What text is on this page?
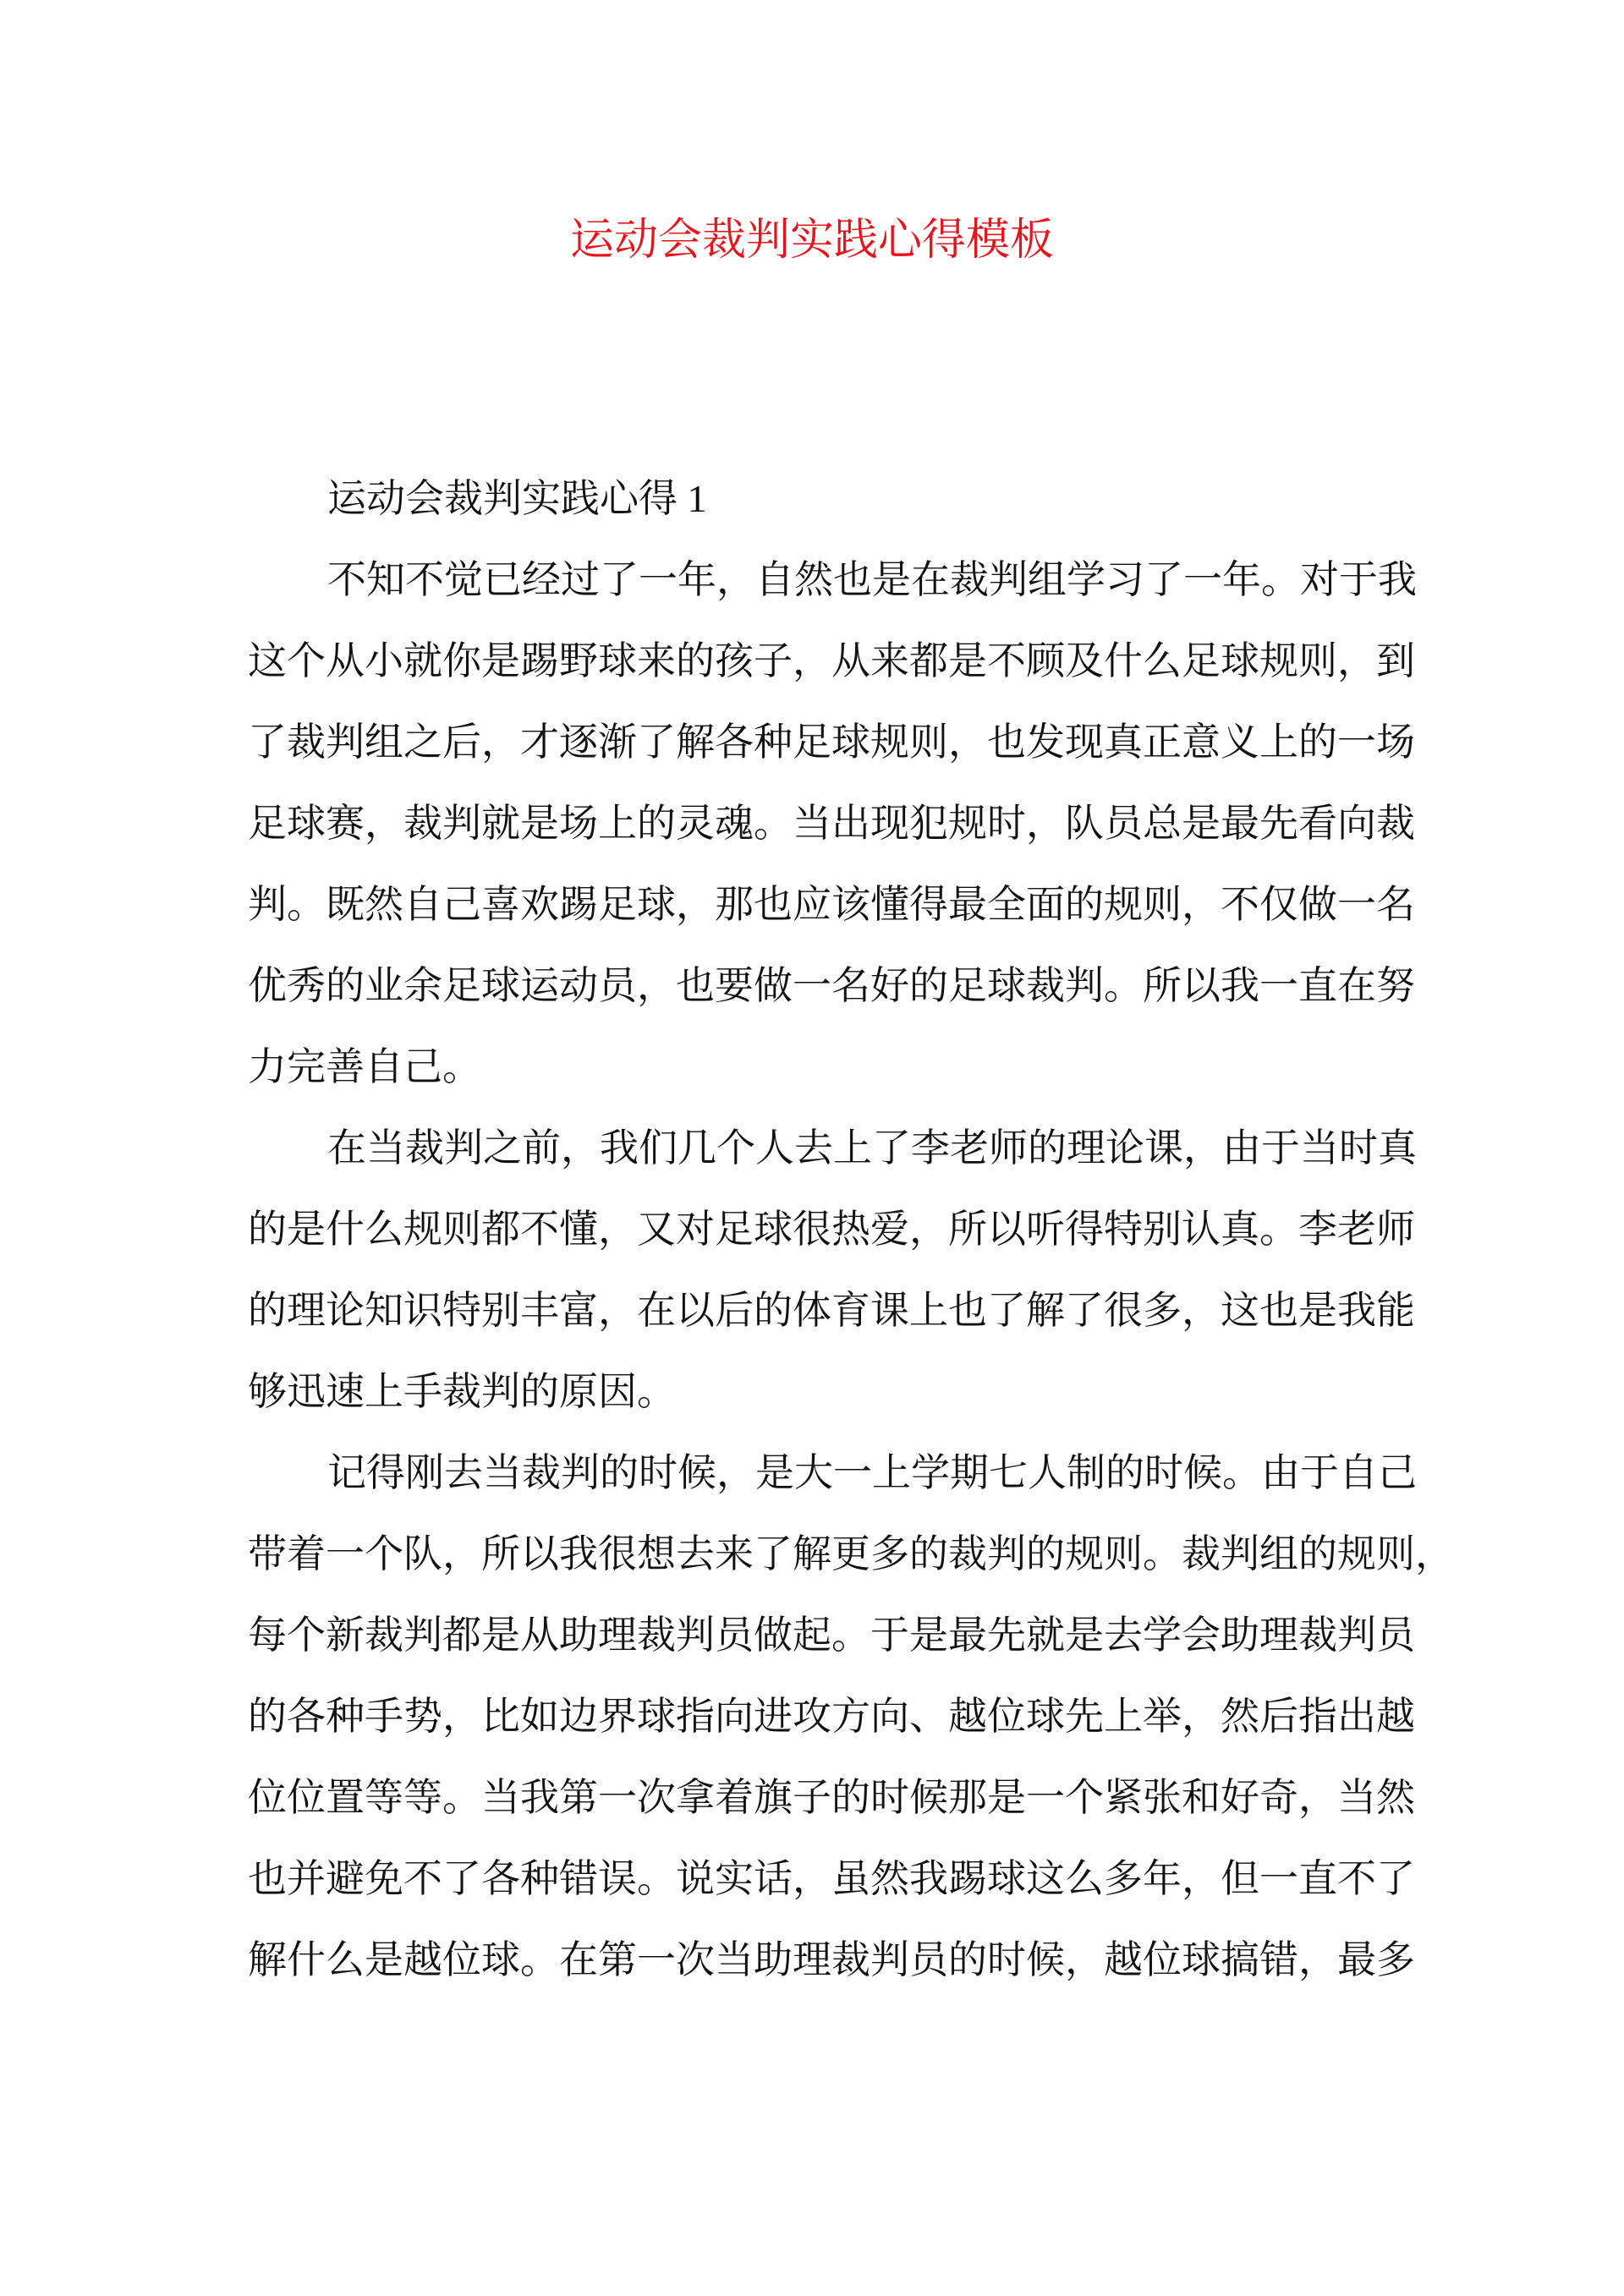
运动会裁判实践心得模板
运动会裁判实践心得 1
不知不觉已经过了一年，自然也是在裁判组学习了一年。对于我
这个从小就你是踢野球来的孩子，从来都是不顾及什么足球规则，到
了裁判组之后，才逐渐了解各种足球规则，也发现真正意义上的一场
足球赛，裁判就是场上的灵魂。当出现犯规时，队员总是最先看向裁
判。既然自己喜欢踢足球，那也应该懂得最全面的规则，不仅做一名
优秀的业余足球运动员，也要做一名好的足球裁判。所以我一直在努
力完善自己。
在当裁判之前，我们几个人去上了李老师的理论课，由于当时真
的是什么规则都不懂，又对足球很热爱，所以听得特别认真。李老师
的理论知识特别丰富，在以后的体育课上也了解了很多，这也是我能
够迅速上手裁判的原因。
记得刚去当裁判的时候，是大一上学期七人制的时候。由于自己
带着一个队，所以我很想去来了解更多的裁判的规则。裁判组的规则，
每个新裁判都是从助理裁判员做起。于是最先就是去学会助理裁判员
的各种手势，比如边界球指向进攻方向、越位球先上举，然后指出越
位位置等等。当我第一次拿着旗子的时候那是一个紧张和好奇，当然
也并避免不了各种错误。说实话，虽然我踢球这么多年，但一直不了
解什么是越位球。在第一次当助理裁判员的时候，越位球搞错，最多
